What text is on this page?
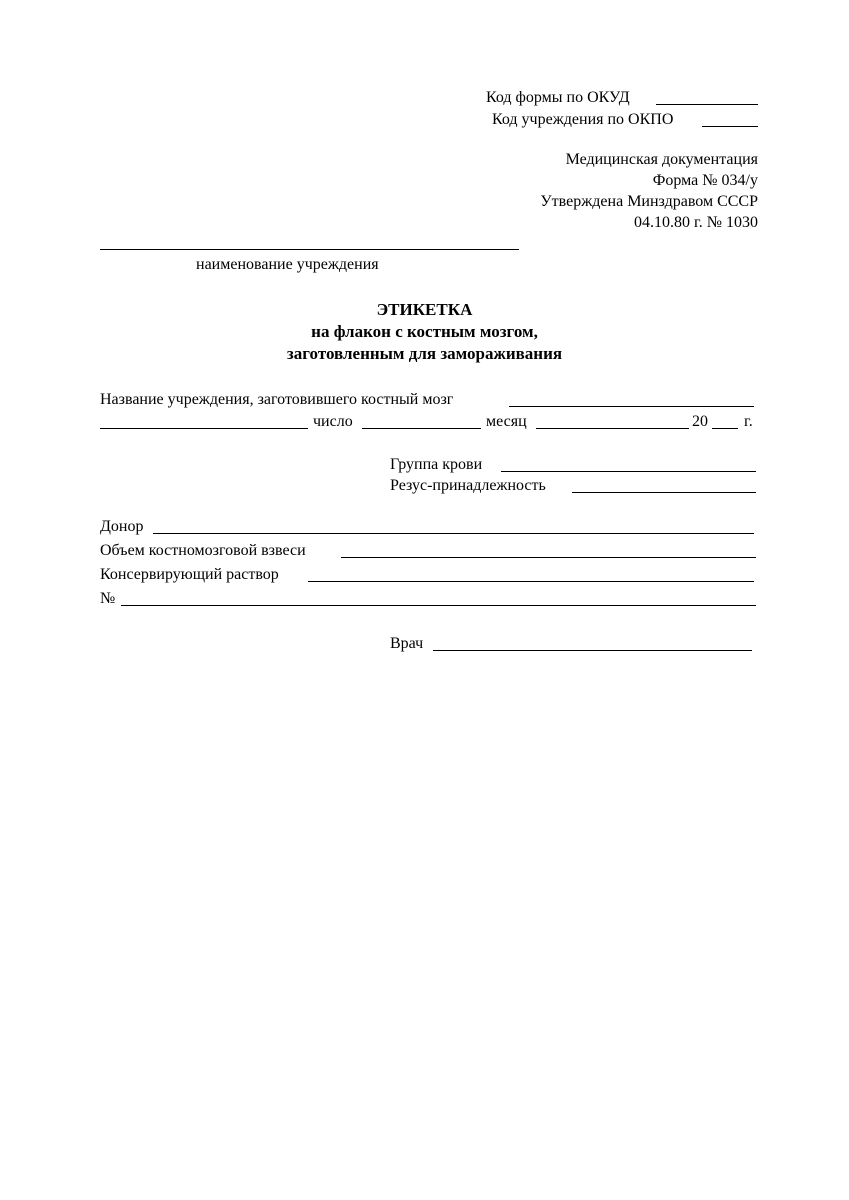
Код формы по ОКУД
Код учреждения по ОКПО
Медицинская документация
Форма № 034/у
Утверждена Минздравом СССР
04.10.80 г. № 1030
наименование учреждения
ЭТИКЕТКА
на флакон с костным мозгом,
заготовленным для замораживания
Название учреждения, заготовившего костный мозг
число	месяц	20 г.
Группа крови
Резус-принадлежность
Донор
Объем костномозговой взвеси
Консервирующий раствор
№
Врач
